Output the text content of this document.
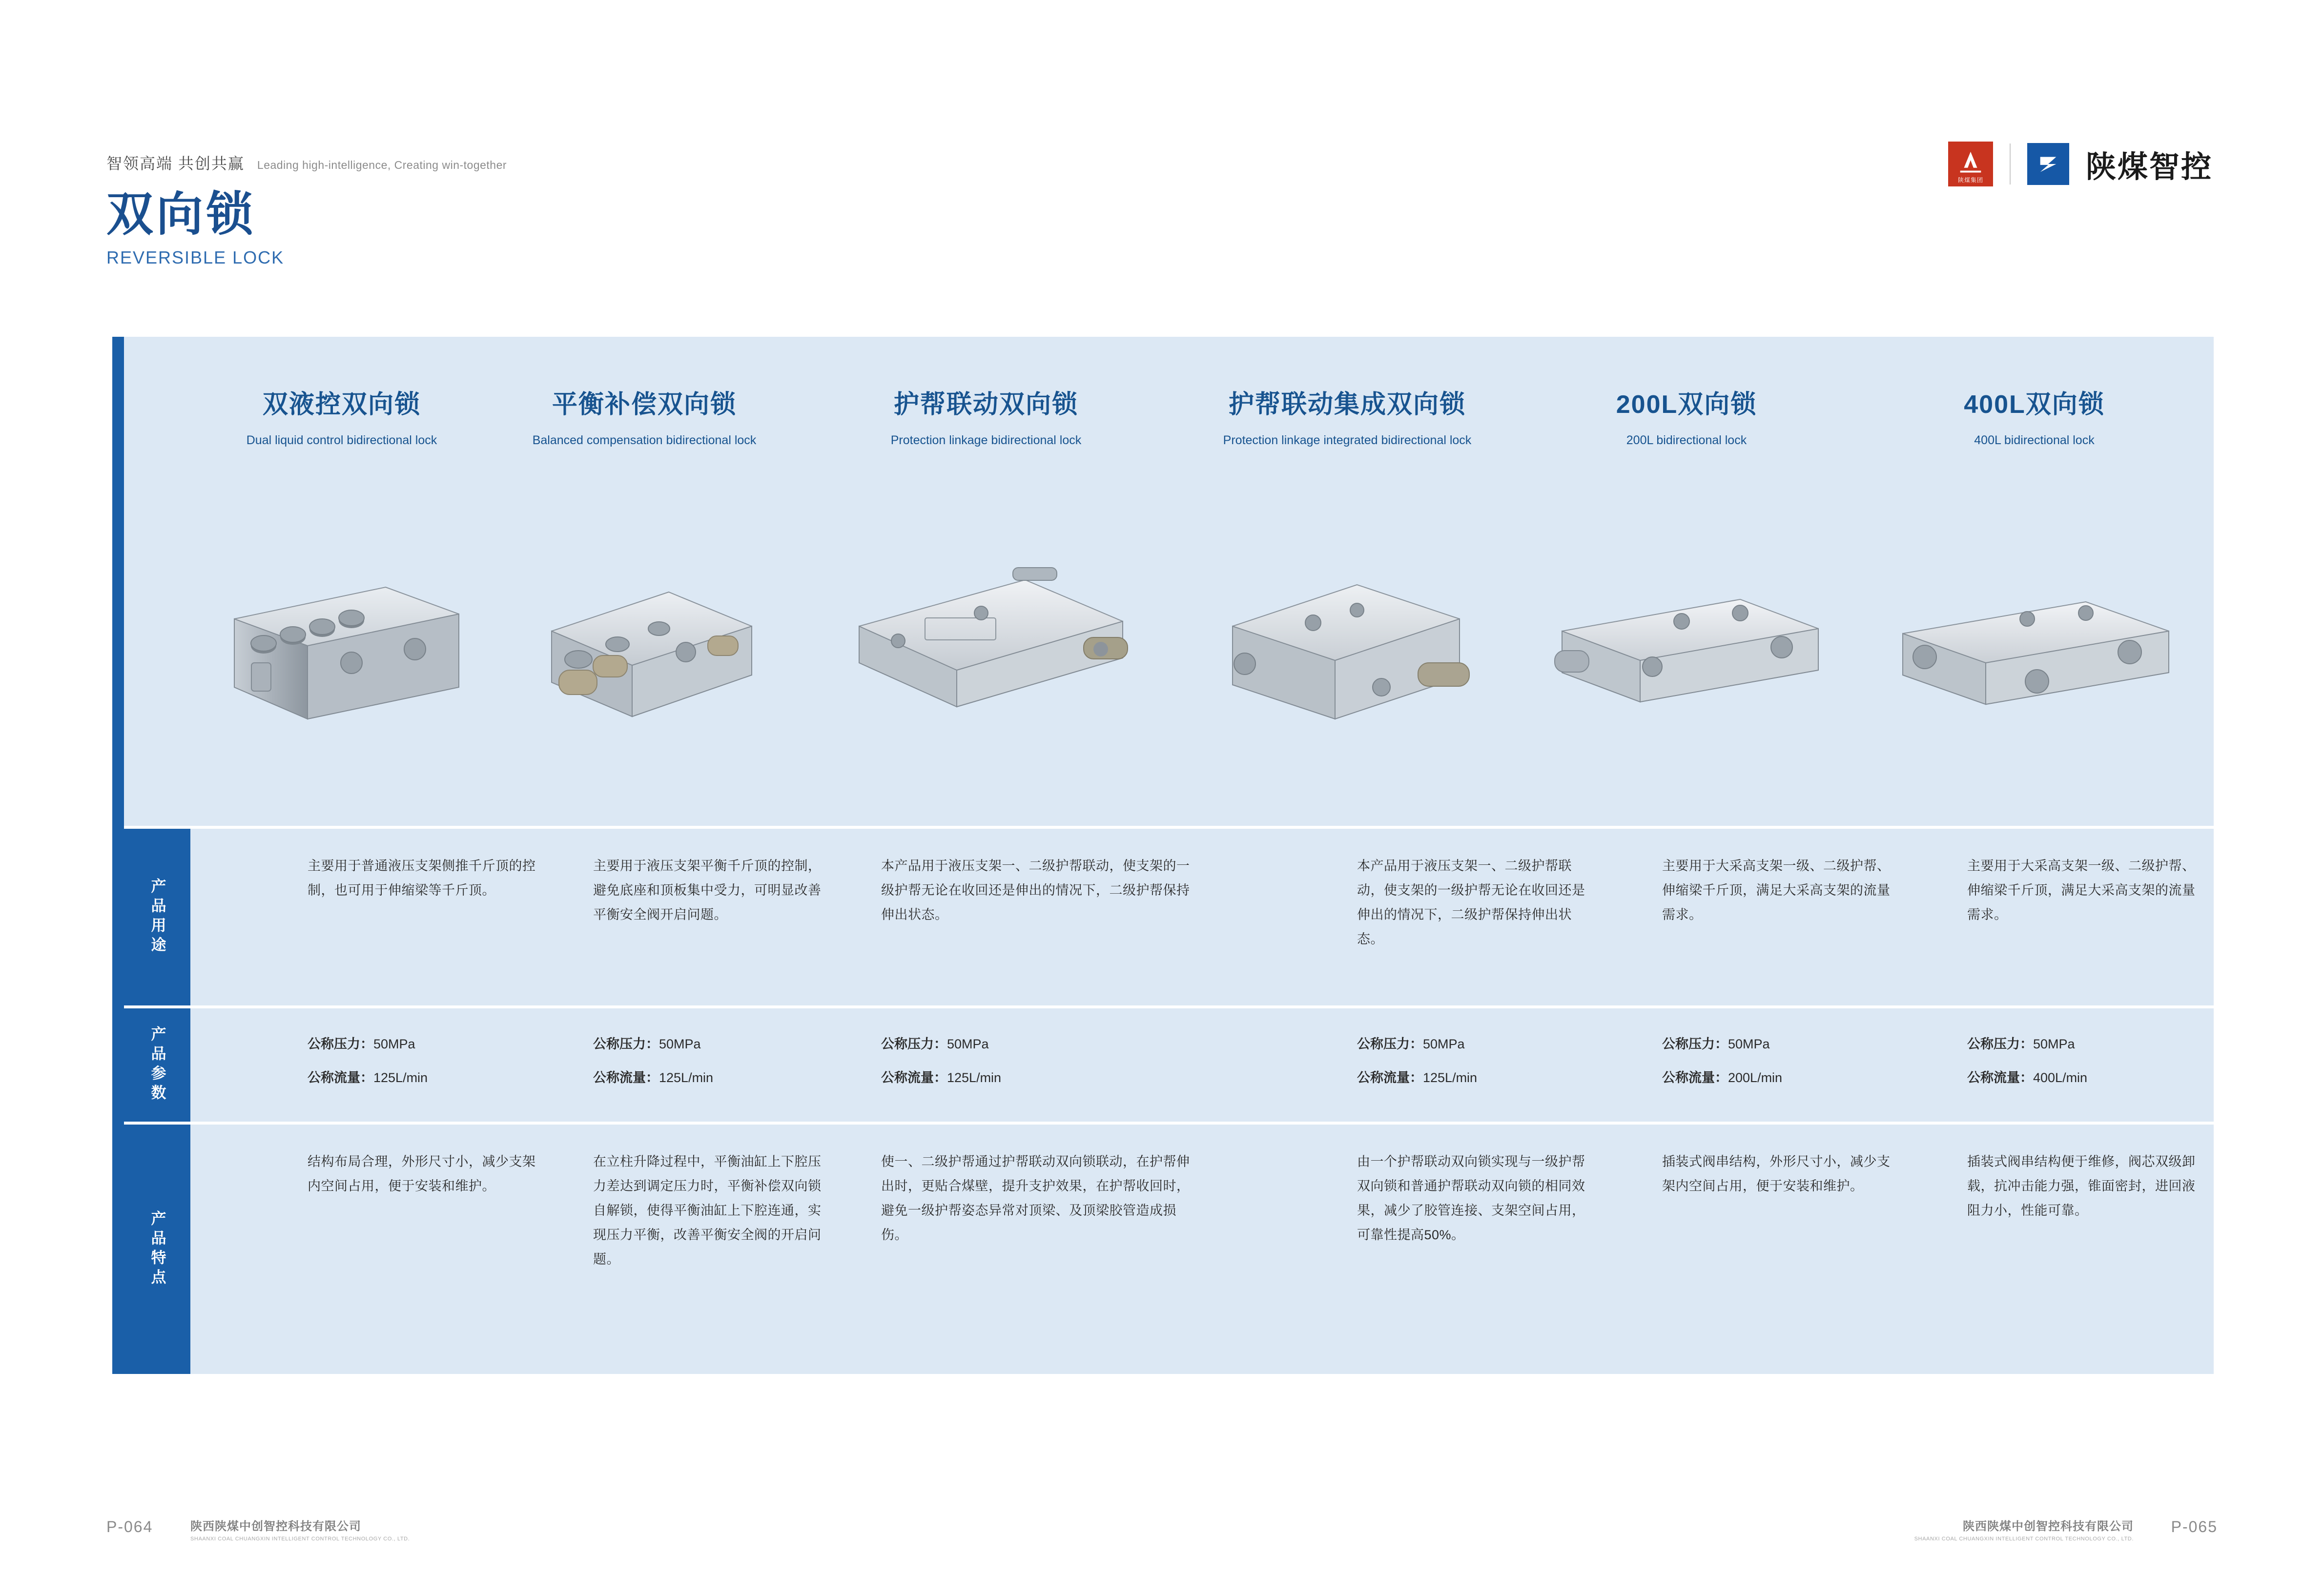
智领高端 共创共赢 Leading high-intelligence, Creating win-together
陕煤集团	陕煤智控
双向锁
REVERSIBLE LOCK
产品用途
产品参数
产品特点
双液控双向锁
Dual liquid control bidirectional lock
平衡补偿双向锁
Balanced compensation bidirectional lock
护帮联动双向锁
Protection linkage bidirectional lock
护帮联动集成双向锁
Protection linkage integrated bidirectional lock
200L双向锁
200L bidirectional lock
400L双向锁
400L bidirectional lock

主要用于普通液压支架侧推千斤顶的控制，也可用于伸缩梁等千斤顶。

主要用于液压支架平衡千斤顶的控制，避免底座和顶板集中受力，可明显改善平衡安全阀开启问题。

本产品用于液压支架一、二级护帮联动，使支架的一级护帮无论在收回还是伸出的情况下，二级护帮保持伸出状态。

本产品用于液压支架一、二级护帮联动，使支架的一级护帮无论在收回还是伸出的情况下，二级护帮保持伸出状态。

主要用于大采高支架一级、二级护帮、伸缩梁千斤顶，满足大采高支架的流量需求。

主要用于大采高支架一级、二级护帮、伸缩梁千斤顶，满足大采高支架的流量需求。

公称压力：50MPa
公称流量：125L/min
公称压力：50MPa
公称流量：125L/min
公称压力：50MPa
公称流量：125L/min
公称压力：50MPa
公称流量：125L/min
公称压力：50MPa
公称流量：200L/min
公称压力：50MPa
公称流量：400L/min

结构布局合理，外形尺寸小，减少支架内空间占用，便于安装和维护。

在立柱升降过程中，平衡油缸上下腔压力差达到调定压力时，平衡补偿双向锁自解锁，使得平衡油缸上下腔连通，实现压力平衡，改善平衡安全阀的开启问题。

使一、二级护帮通过护帮联动双向锁联动，在护帮伸出时，更贴合煤壁，提升支护效果，在护帮收回时，避免一级护帮姿态异常对顶梁、及顶梁胶管造成损伤。

由一个护帮联动双向锁实现与一级护帮双向锁和普通护帮联动双向锁的相同效果，减少了胶管连接、支架空间占用，可靠性提高50%。

插装式阀串结构，外形尺寸小，减少支架内空间占用，便于安装和维护。

插装式阀串结构便于维修，阀芯双级卸载，抗冲击能力强，锥面密封，进回液阻力小，性能可靠。

P-064	陕西陕煤中创智控科技有限公司
SHAANXI COAL CHUANGXIN INTELLIGENT CONTROL TECHNOLOGY CO., LTD.
陕西陕煤中创智控科技有限公司
SHAANXI COAL CHUANGXIN INTELLIGENT CONTROL TECHNOLOGY CO., LTD.
P-065
